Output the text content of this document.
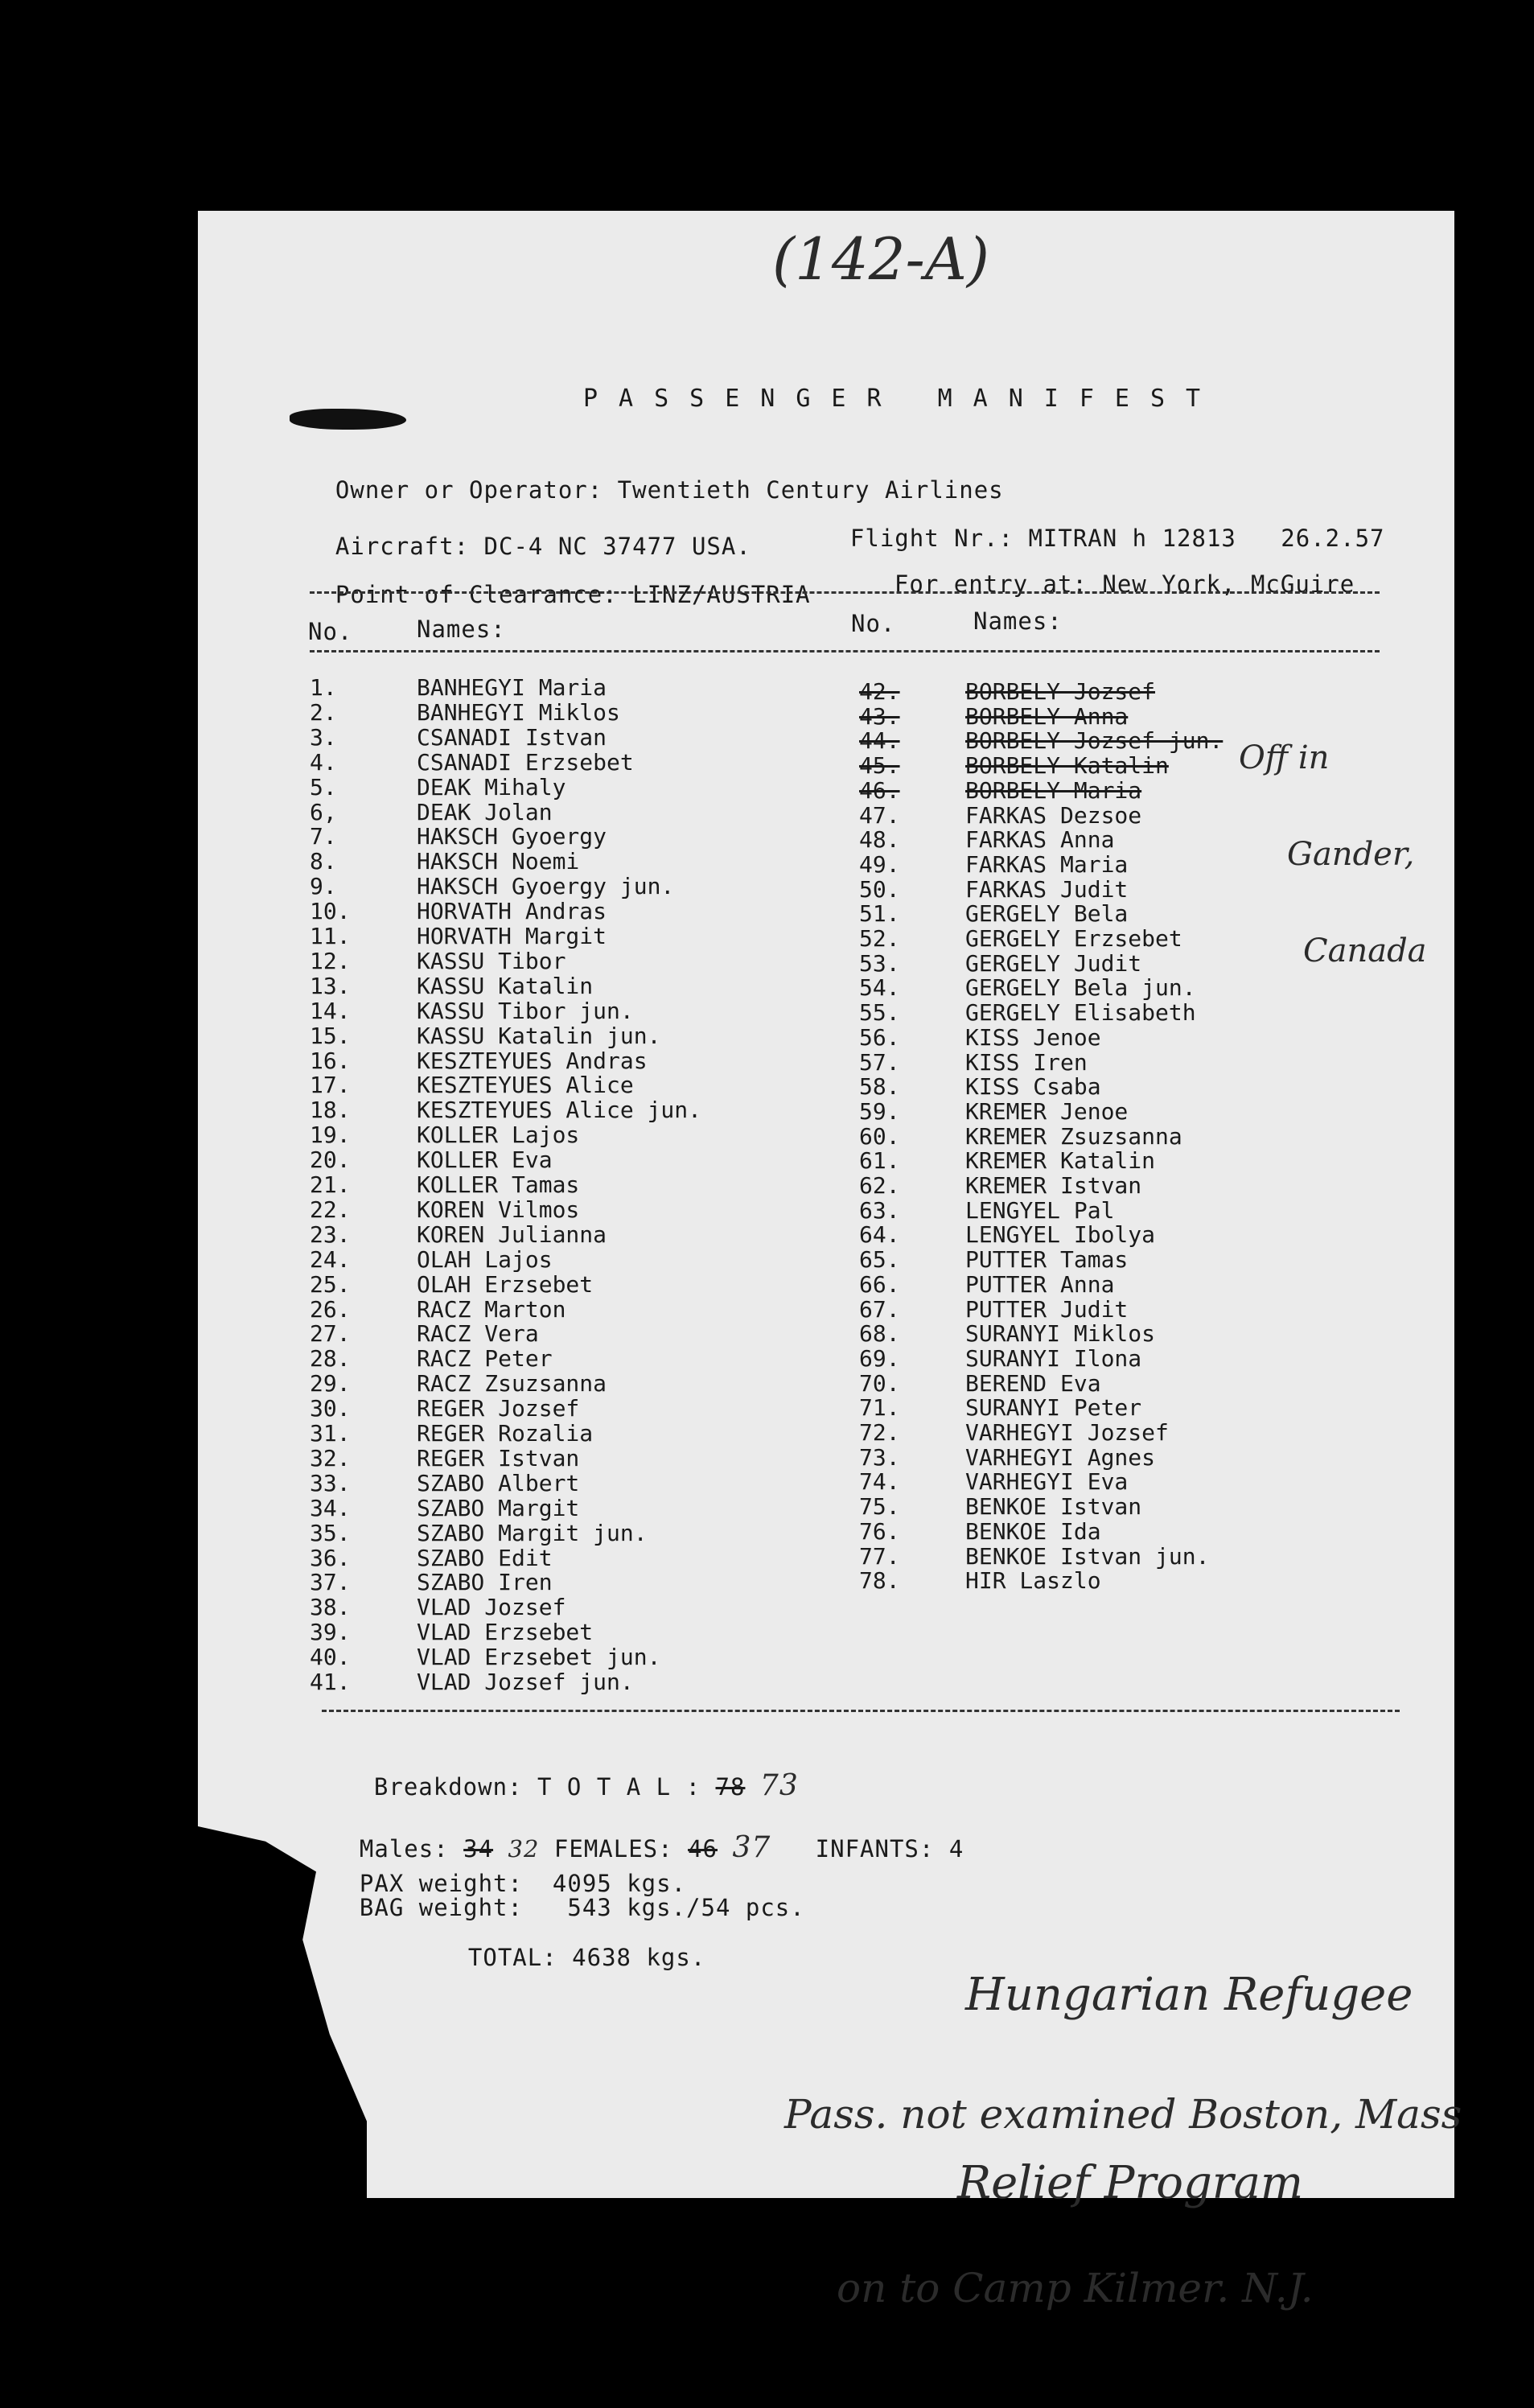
(142-A)
PASSENGER MANIFEST

Owner or Operator: Twentieth Century Airlines

Aircraft: DC-4 NC 37477 USA.	Flight Nr.: MITRAN h 12813 26.2.57

Point of Clearance: LINZ/AUSTRIA	For entry at: New York, McGuire

No.	Names:	No.	Names:
1.	BANHEGYI Maria
2.	BANHEGYI Miklos
3.	CSANADI Istvan
4.	CSANADI Erzsebet
5.	DEAK Mihaly
6,	DEAK Jolan
7.	HAKSCH Gyoergy
8.	HAKSCH Noemi
9.	HAKSCH Gyoergy jun.
10.	HORVATH Andras
11.	HORVATH Margit
12.	KASSU Tibor
13.	KASSU Katalin
14.	KASSU Tibor jun.
15.	KASSU Katalin jun.
16.	KESZTEYUES Andras
17.	KESZTEYUES Alice
18.	KESZTEYUES Alice jun.
19.	KOLLER Lajos
20.	KOLLER Eva
21.	KOLLER Tamas
22.	KOREN Vilmos
23.	KOREN Julianna
24.	OLAH Lajos
25.	OLAH Erzsebet
26.	RACZ Marton
27.	RACZ Vera
28.	RACZ Peter
29.	RACZ Zsuzsanna
30.	REGER Jozsef
31.	REGER Rozalia
32.	REGER Istvan
33.	SZABO Albert
34.	SZABO Margit
35.	SZABO Margit jun.
36.	SZABO Edit
37.	SZABO Iren
38.	VLAD Jozsef
39.	VLAD Erzsebet
40.	VLAD Erzsebet jun.
41.	VLAD Jozsef jun.
42.	BORBELY Jozsef
43.	BORBELY Anna
44.	BORBELY Jozsef jun.
45.	BORBELY Katalin
46.	BORBELY Maria
47.	FARKAS Dezsoe
48.	FARKAS Anna
49.	FARKAS Maria
50.	FARKAS Judit
51.	GERGELY Bela
52.	GERGELY Erzsebet
53.	GERGELY Judit
54.	GERGELY Bela jun.
55.	GERGELY Elisabeth
56.	KISS Jenoe
57.	KISS Iren
58.	KISS Csaba
59.	KREMER Jenoe
60.	KREMER Zsuzsanna
61.	KREMER Katalin
62.	KREMER Istvan
63.	LENGYEL Pal
64.	LENGYEL Ibolya
65.	PUTTER Tamas
66.	PUTTER Anna
67.	PUTTER Judit
68.	SURANYI Miklos
69.	SURANYI Ilona
70.	BEREND Eva
71.	SURANYI Peter
72.	VARHEGYI Jozsef
73.	VARHEGYI Agnes
74.	VARHEGYI Eva
75.	BENKOE Istvan
76.	BENKOE Ida
77.	BENKOE Istvan jun.
78.	HIR Laszlo

Off in

Gander,

Canada

Breakdown: T O T A L : 78 73

Males: 34 32 FEMALES: 46 37 INFANTS: 4

PAX weight: 4095 kgs.

BAG weight: 543 kgs./54 pcs.

TOTAL: 4638 kgs.

Hungarian Refugee

Relief Program

Pass. not examined Boston, Mass

on to Camp Kilmer. N.J.
